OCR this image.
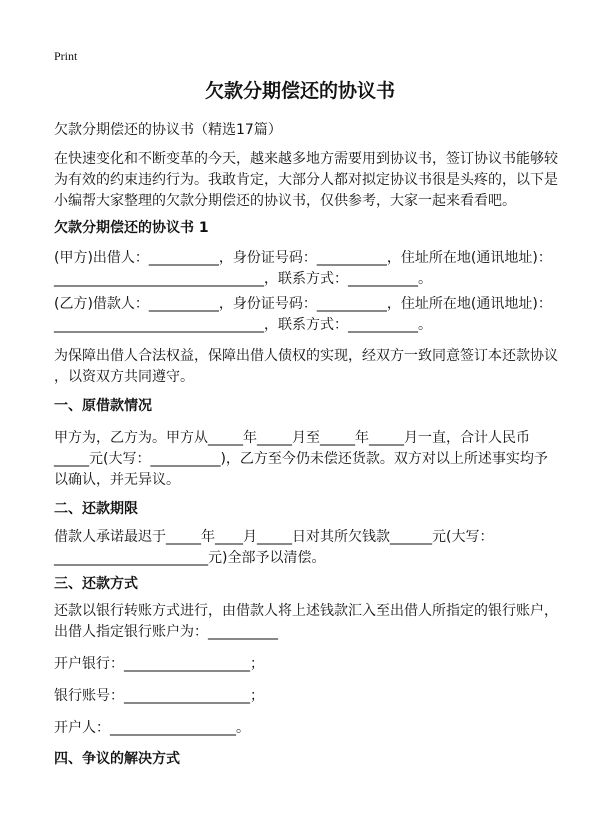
Print
欠款分期偿还的协议书
欠款分期偿还的协议书（精选17篇）
在快速变化和不断变革的今天，越来越多地方需要用到协议书，签订协议书能够较
为有效的约束违约行为。我敢肯定，大部分人都对拟定协议书很是头疼的，以下是
小编帮大家整理的欠款分期偿还的协议书，仅供参考，大家一起来看看吧。
欠款分期偿还的协议书 1
(甲方)出借人：__________，身份证号码：__________，住址所在地(通讯地址)：
______________________________，联系方式：__________。
(乙方)借款人：__________，身份证号码：__________，住址所在地(通讯地址)：
______________________________，联系方式：__________。
为保障出借人合法权益，保障出借人债权的实现，经双方一致同意签订本还款协议
，以资双方共同遵守。
一、原借款情况
甲方为，乙方为。甲方从_____年_____月至_____年_____月一直，合计人民币
_____元(大写：__________)，乙方至今仍未偿还货款。双方对以上所述事实均予
以确认，并无异议。
二、还款期限
借款人承诺最迟于_____年____月_____日对其所欠钱款______元(大写：
______________________元)全部予以清偿。
三、还款方式
还款以银行转账方式进行，由借款人将上述钱款汇入至出借人所指定的银行账户，
出借人指定银行账户为：__________
开户银行：__________________；
银行账号：__________________；
开户人：__________________。
四、争议的解决方式
